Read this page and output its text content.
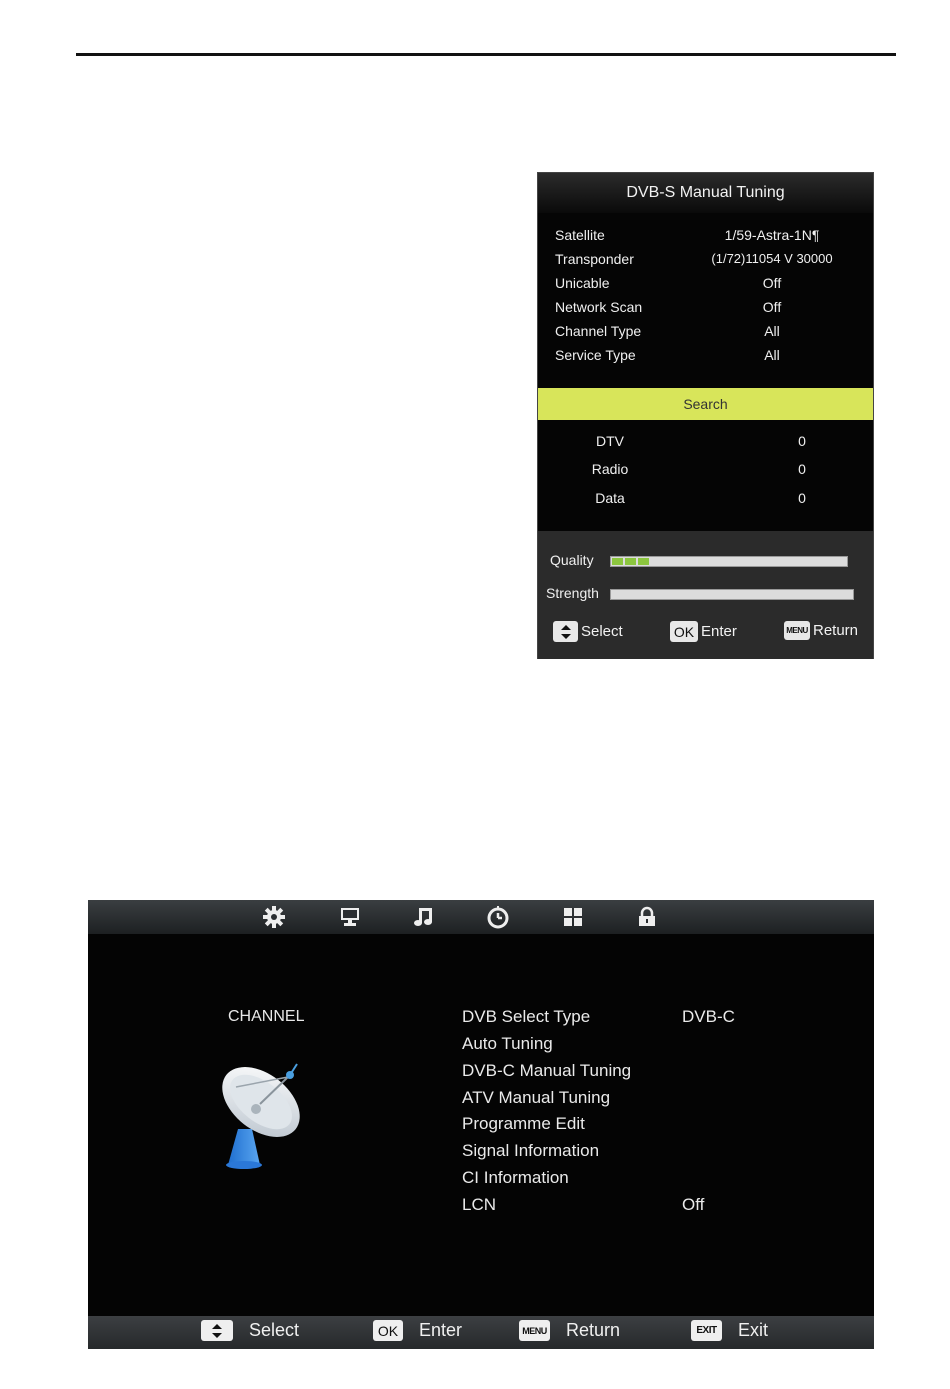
DVB-S Manual Tuning
Satellite	1/59-Astra-1N¶
Transponder	(1/72)11054 V 30000
Unicable	Off
Network Scan	Off
Channel Type	All
Service Type	All
Search
DTV	0
Radio	0
Data	0
Quality
Strength
Select	OK Enter	MENU Return
CHANNEL	DVB Select Type	DVB-C
Auto Tuning
DVB-C Manual Tuning
ATV Manual Tuning
Programme Edit
Signal Information
CI Information
LCN	Off
Select	OK Enter	MENU Return	EXIT Exit
